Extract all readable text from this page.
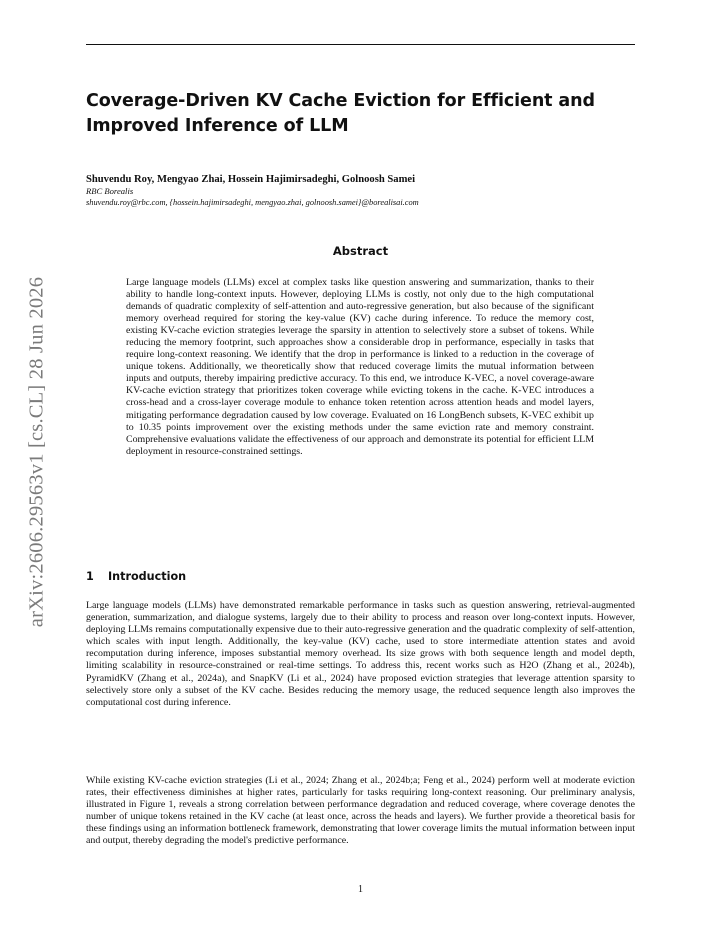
Coverage-Driven KV Cache Eviction for Efficient and Improved Inference of LLM
Shuvendu Roy, Mengyao Zhai, Hossein Hajimirsadeghi, Golnoosh Samei
RBC Borealis
shuvendu.roy@rbc.com, {hossein.hajimirsadeghi, mengyao.zhai, golnoosh.samei}@borealisai.com
Abstract

Large language models (LLMs) excel at complex tasks like question answering and summarization, thanks to their ability to handle long-context inputs. However, deploying LLMs is costly, not only due to the high computational demands of quadratic complexity of self-attention and auto-regressive generation, but also because of the significant memory overhead required for storing the key-value (KV) cache during inference. To reduce the memory cost, existing KV-cache eviction strategies leverage the sparsity in attention to selectively store a subset of tokens. While reducing the memory footprint, such approaches show a considerable drop in performance, especially in tasks that require long-context reasoning. We identify that the drop in performance is linked to a reduction in the coverage of unique tokens. Additionally, we theoretically show that reduced coverage limits the mutual information between inputs and outputs, thereby impairing predictive accuracy. To this end, we introduce K-VEC, a novel coverage-aware KV-cache eviction strategy that prioritizes token coverage while evicting tokens in the cache. K-VEC introduces a cross-head and a cross-layer coverage module to enhance token retention across attention heads and model layers, mitigating performance degradation caused by low coverage. Evaluated on 16 LongBench subsets, K-VEC exhibit up to 10.35 points improvement over the existing methods under the same eviction rate and memory constraint. Comprehensive evaluations validate the effectiveness of our approach and demonstrate its potential for efficient LLM deployment in resource-constrained settings.

1 Introduction

Large language models (LLMs) have demonstrated remarkable performance in tasks such as question answering, retrieval-augmented generation, summarization, and dialogue systems, largely due to their ability to process and reason over long-context inputs. However, deploying LLMs remains computationally expensive due to their auto-regressive generation and the quadratic complexity of self-attention, which scales with input length. Additionally, the key-value (KV) cache, used to store intermediate attention states and avoid recomputation during inference, imposes substantial memory overhead. Its size grows with both sequence length and model depth, limiting scalability in resource-constrained or real-time settings. To address this, recent works such as H2O (Zhang et al., 2024b), PyramidKV (Zhang et al., 2024a), and SnapKV (Li et al., 2024) have proposed eviction strategies that leverage attention sparsity to selectively store only a subset of the KV cache. Besides reducing the memory usage, the reduced sequence length also improves the computational cost during inference.

While existing KV-cache eviction strategies (Li et al., 2024; Zhang et al., 2024b;a; Feng et al., 2024) perform well at moderate eviction rates, their effectiveness diminishes at higher rates, particularly for tasks requiring long-context reasoning. Our preliminary analysis, illustrated in Figure 1, reveals a strong correlation between performance degradation and reduced coverage, where coverage denotes the number of unique tokens retained in the KV cache (at least once, across the heads and layers). We further provide a theoretical basis for these findings using an information bottleneck framework, demonstrating that lower coverage limits the mutual information between input and output, thereby degrading the model's predictive performance.

1
arXiv:2606.29563v1 [cs.CL] 28 Jun 2026
